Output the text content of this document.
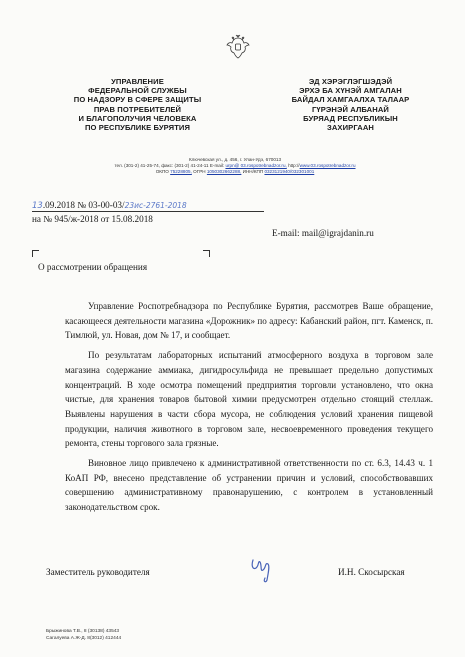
УПРАВЛЕНИЕ
ФЕДЕРАЛЬНОЙ СЛУЖБЫ
ПО НАДЗОРУ В СФЕРЕ ЗАЩИТЫ
ПРАВ ПОТРЕБИТЕЛЕЙ
И БЛАГОПОЛУЧИЯ ЧЕЛОВЕКА
ПО РЕСПУБЛИКЕ БУРЯТИЯ
ЭД ХЭРЭГЛЭГШЭДЭЙ
ЭРХЭ БА ХҮНЭЙ АМГАЛАН
БАЙДАЛ ХАМГААЛХА ТАЛААР
ГҮРЭНЭЙ АЛБАНАЙ
БУРЯАД РЕСПУБЛИКЫН
ЗАХИРГААН
Ключевская ул., д. 456, г. Улан-Удэ, 670013
тел. (301-2) 41-25-74, факс: (301-2) 41-24-11 E-mail: urpn@ 03.rospotrebnadzor.ru, http://www.03.rospotrebnadzor.ru
ОКПО 75228805, ОГРН 1050302662288, ИНН/КПП 0323121940/032301001
13.09.2018 № 03-00-03/23ис-2761-2018
на № 945/ж-2018 от 15.08.2018
E-mail: mail@igrajdanin.ru
О рассмотрении обращения

Управление Роспотребнадзора по Республике Бурятия, рассмотрев Ваше обращение, касающееся деятельности магазина «Дорожник» по адресу: Кабанский район, пгт. Каменск, п. Тимлюй, ул. Новая, дом № 17, и сообщает.

По результатам лабораторных испытаний атмосферного воздуха в торговом зале магазина содержание аммиака, дигидросульфида не превышает предельно допустимых концентраций. В ходе осмотра помещений предприятия торговли установлено, что окна чистые, для хранения товаров бытовой химии предусмотрен отдельно стоящий стеллаж. Выявлены нарушения в части сбора мусора, не соблюдения условий хранения пищевой продукции, наличия животного в торговом зале, несвоевременного проведения текущего ремонта, стены торгового зала грязные.

Виновное лицо привлечено к административной ответственности по ст. 6.3, 14.43 ч. 1 КоАП РФ, внесено представление об устранении причин и условий, способствовавших совершению административному правонарушению, с контролем в установленный законодательством срок.

Заместитель руководителя	И.Н. Скосырская
Брыжинова Т.В., 8 (30138) 43543
Сагалуева А.Ж-Д. 8(3012) 412444
